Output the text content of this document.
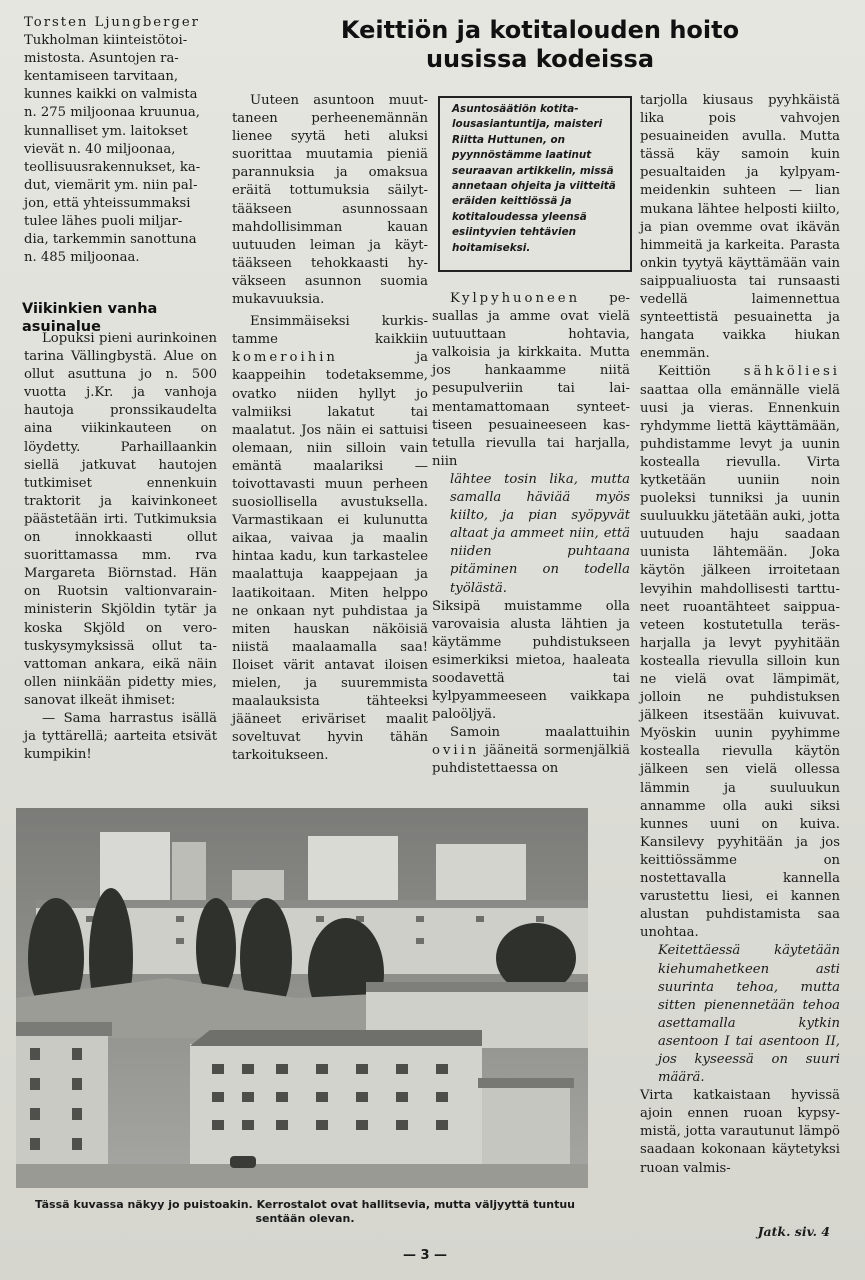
Keittiön ja kotitalouden hoito
uusissa kodeissa
Torsten Ljungberger
Tukholman kiinteistötoi-
mistosta. Asuntojen ra-
kentamiseen tarvitaan,
kunnes kaikki on valmista
n. 275 miljoonaa kruunua,
kunnalliset ym. laitokset
vievät n. 40 miljoonaa,
teollisuusrakennukset, ka-
dut, viemärit ym. niin pal-
jon, että yhteissummaksi
tulee lähes puoli miljar-
dia, tarkemmin sanottuna
n. 485 miljoonaa.
Viikinkien vanha asuinalue

Lopuksi pieni aurinkoinen tarina Vällingbystä. Alue on ollut asuttuna jo n. 500 vuotta j.Kr. ja vanhoja hautoja pronssikaudelta aina viikinkauteen on löydetty. Parhaillaankin siellä jatkuvat hautojen tutkimiset ennenkuin traktorit ja kaivinkoneet päästetään irti. Tutkimuksia on innokkaasti ollut suorittamassa mm. rva Margareta Biörnstad. Hän on Ruotsin valtionvarainministerin Skjöldin tytär ja koska Skjöld on verotuskysymyksissä ollut tavattoman ankara, eikä näin ollen niinkään pidetty mies, sanovat ilkeät ihmiset:

— Sama harrastus isällä ja tyttärellä; aarteita etsivät kumpikin!

Uuteen asuntoon muuttaneen perheenemännän lienee syytä heti aluksi suorittaa muutamia pieniä parannuksia ja omaksua eräitä tottumuksia säilyttääkseen asunnossaan mahdollisimman kauan uutuuden leiman ja käyttääkseen tehokkaasti hyväkseen asunnon suomia mukavuuksia.

Ensimmäiseksi kurkistamme kaikkiin komeroihin ja kaappeihin todetaksemme, ovatko niiden hyllyt jo valmiiksi lakatut tai maalatut. Jos näin ei sattuisi olemaan, niin silloin vain emäntä maalariksi — toivottavasti muun perheen suosiollisella avustuksella. Varmastikaan ei kulunutta aikaa, vaivaa ja maalin hintaa kadu, kun tarkastelee maalattuja kaappejaan ja laatikoitaan. Miten helppo ne onkaan nyt puhdistaa ja miten hauskan näköisiä niistä maalaamalla saa! Iloiset värit antavat iloisen mielen, ja suuremmista maalauksista tähteeksi jääneet eriväriset maalit soveltuvat hyvin tähän tarkoitukseen.

Asuntosäätiön kotitalousasiantuntija, maisteri Riitta Huttunen, on pyynnöstämme laatinut seuraavan artikkelin, missä annetaan ohjeita ja viitteitä eräiden keittiössä ja kotitaloudessa yleensä esiintyvien tehtävien hoitamiseksi.

Kylpyhuoneen pesuallas ja amme ovat vielä uutuuttaan hohtavia, valkoisia ja kirkkaita. Mutta jos hankaamme niitä pesupulveriin tai laimentamattomaan synteettiseen pesuaineeseen kastetulla rievulla tai harjalla, niin

lähtee tosin lika, mutta samalla häviää myös kiilto, ja pian syöpyvät altaat ja ammeet niin, että niiden puhtaana pitäminen on todella työlästä.

Siksipä muistamme olla varovaisia alusta lähtien ja käytämme puhdistukseen esimerkiksi mietoa, haaleata soodavettä tai kylpyammeeseen vaikkapa paloöljyä.

Samoin maalattuihin oviin jääneitä sormenjälkiä puhdistettaessa on

tarjolla kiusaus pyyhkäistä lika pois vahvojen pesuaineiden avulla. Mutta tässä käy samoin kuin pesualtaiden ja kylpyammeidenkin suhteen — lian mukana lähtee helposti kiilto, ja pian ovemme ovat ikävän himmeitä ja karkeita. Parasta onkin tyytyä käyttämään vain saippualiuosta tai runsaasti vedellä laimennettua synteettistä pesuainetta ja hangata vaikka hiukan enemmän.

Keittiön sähköliesi saattaa olla emännälle vielä uusi ja vieras. Ennenkuin ryhdymme liettä käyttämään, puhdistamme levyt ja uunin kostealla rievulla. Virta kytketään uuniin noin puoleksi tunniksi ja uunin suuluukku jätetään auki, jotta uutuuden haju saadaan uunista lähtemään. Joka käytön jälkeen irroitetaan levyihin mahdollisesti tarttuneet ruoantähteet saippuaveteen kostutetulla teräsharjalla ja levyt pyyhitään kostealla rievulla silloin kun ne vielä ovat lämpimät, jolloin ne puhdistuksen jälkeen itsestään kuivuvat. Myöskin uunin pyyhimme kostealla rievulla käytön jälkeen sen vielä ollessa lämmin ja suuluukun annamme olla auki siksi kunnes uuni on kuiva. Kansilevy pyyhitään ja jos keittiössämme on nostettavalla kannella varustettu liesi, ei kannen alustan puhdistamista saa unohtaa.

Keitettäessä käytetään kiehumahetkeen asti suurinta tehoa, mutta sitten pienennetään tehoa asettamalla kytkin asentoon I tai asentoon II, jos kyseessä on suuri määrä.

Virta katkaistaan hyvissä ajoin ennen ruoan kypsymistä, jotta varautunut lämpö saadaan kokonaan käytetyksi ruoan valmis-

Jatk. siv. 4
Tässä kuvassa näkyy jo puistoakin. Kerrostalot ovat hallitsevia, mutta väljyyttä tuntuu sentään olevan.
— 3 —
